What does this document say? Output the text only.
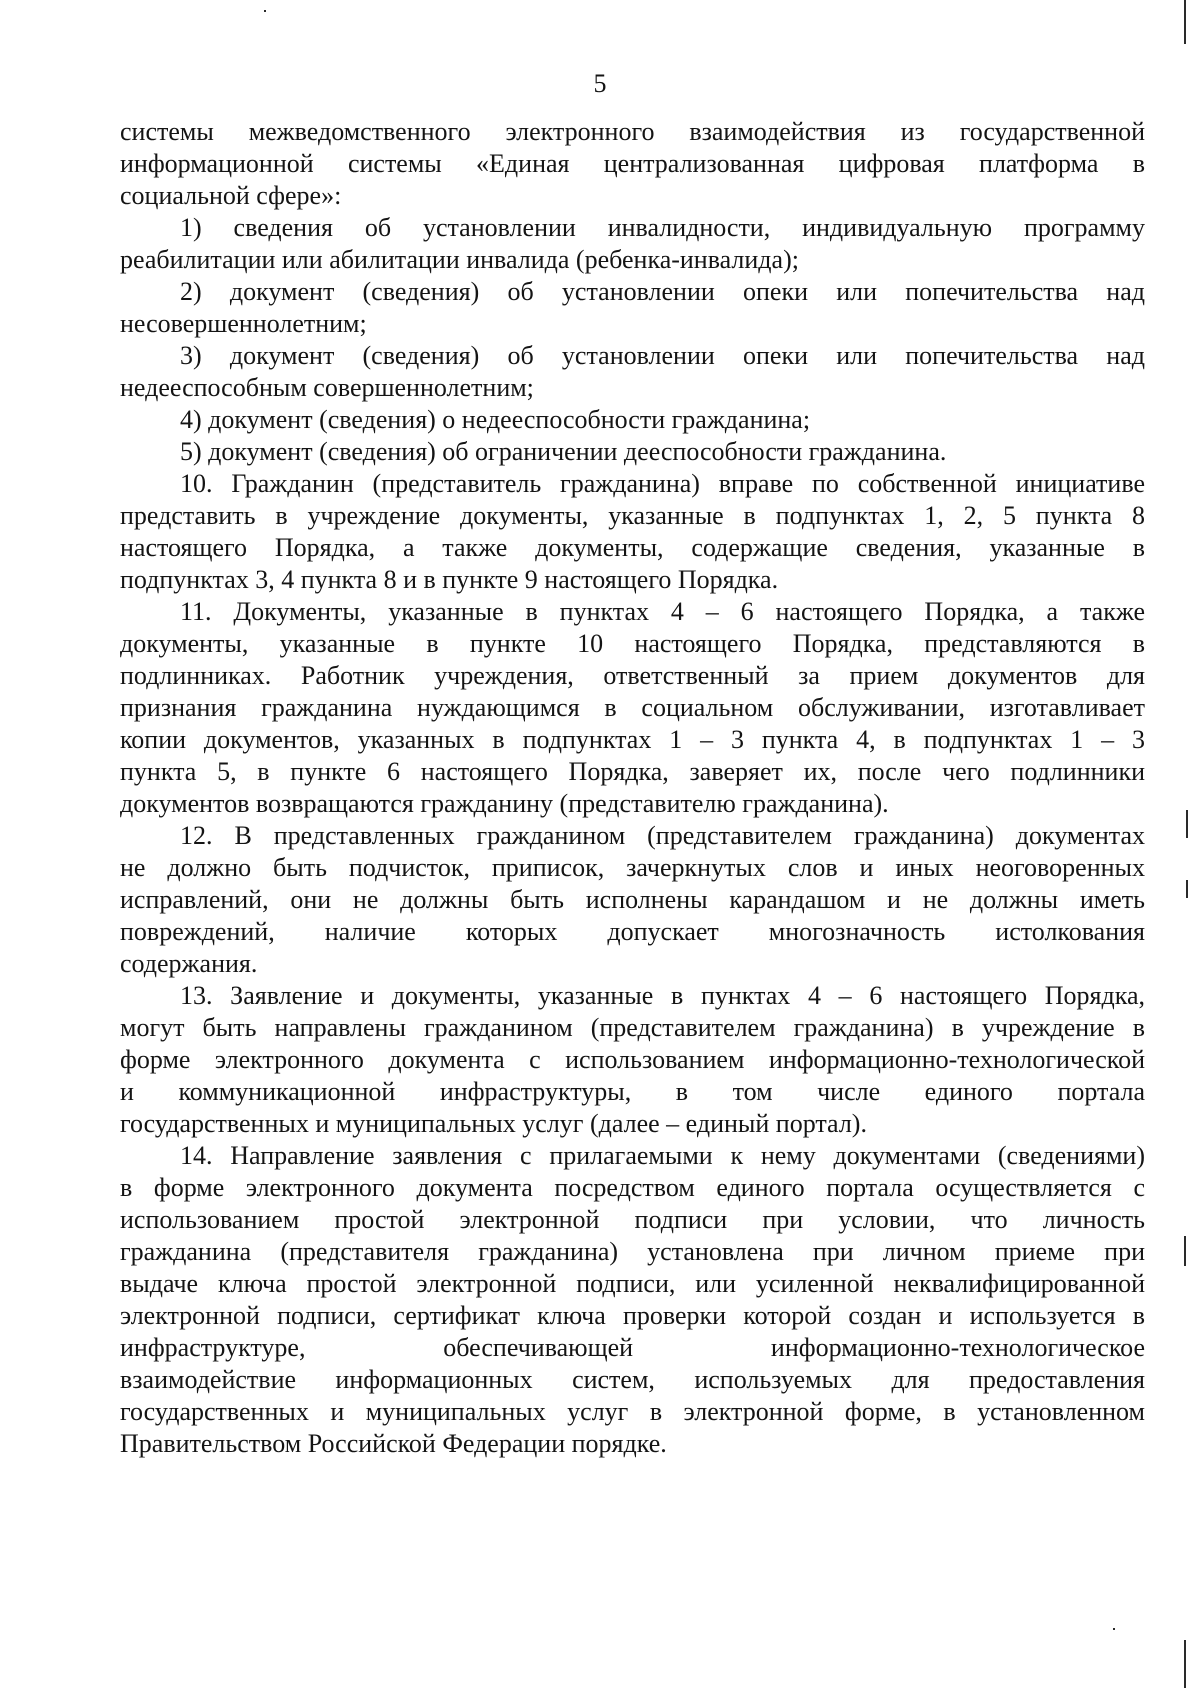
5
системы межведомственного электронного взаимодействия из государственной
информационной системы «Единая централизованная цифровая платформа в
социальной сфере»:
1) сведения об установлении инвалидности, индивидуальную программу
реабилитации или абилитации инвалида (ребенка-инвалида);
2) документ (сведения) об установлении опеки или попечительства над
несовершеннолетним;
3) документ (сведения) об установлении опеки или попечительства над
недееспособным совершеннолетним;
4) документ (сведения) о недееспособности гражданина;
5) документ (сведения) об ограничении дееспособности гражданина.
10. Гражданин (представитель гражданина) вправе по собственной инициативе
представить в учреждение документы, указанные в подпунктах 1, 2, 5 пункта 8
настоящего Порядка, а также документы, содержащие сведения, указанные в
подпунктах 3, 4 пункта 8 и в пункте 9 настоящего Порядка.
11. Документы, указанные в пунктах 4 – 6 настоящего Порядка, а также
документы, указанные в пункте 10 настоящего Порядка, представляются в
подлинниках. Работник учреждения, ответственный за прием документов для
признания гражданина нуждающимся в социальном обслуживании, изготавливает
копии документов, указанных в подпунктах 1 – 3 пункта 4, в подпунктах 1 – 3
пункта 5, в пункте 6 настоящего Порядка, заверяет их, после чего подлинники
документов возвращаются гражданину (представителю гражданина).
12. В представленных гражданином (представителем гражданина) документах
не должно быть подчисток, приписок, зачеркнутых слов и иных неоговоренных
исправлений, они не должны быть исполнены карандашом и не должны иметь
повреждений, наличие которых допускает многозначность истолкования
содержания.
13. Заявление и документы, указанные в пунктах 4 – 6 настоящего Порядка,
могут быть направлены гражданином (представителем гражданина) в учреждение в
форме электронного документа с использованием информационно-технологической
и коммуникационной инфраструктуры, в том числе единого портала
государственных и муниципальных услуг (далее – единый портал).
14. Направление заявления с прилагаемыми к нему документами (сведениями)
в форме электронного документа посредством единого портала осуществляется с
использованием простой электронной подписи при условии, что личность
гражданина (представителя гражданина) установлена при личном приеме при
выдаче ключа простой электронной подписи, или усиленной неквалифицированной
электронной подписи, сертификат ключа проверки которой создан и используется в
инфраструктуре, обеспечивающей информационно-технологическое
взаимодействие информационных систем, используемых для предоставления
государственных и муниципальных услуг в электронной форме, в установленном
Правительством Российской Федерации порядке.
